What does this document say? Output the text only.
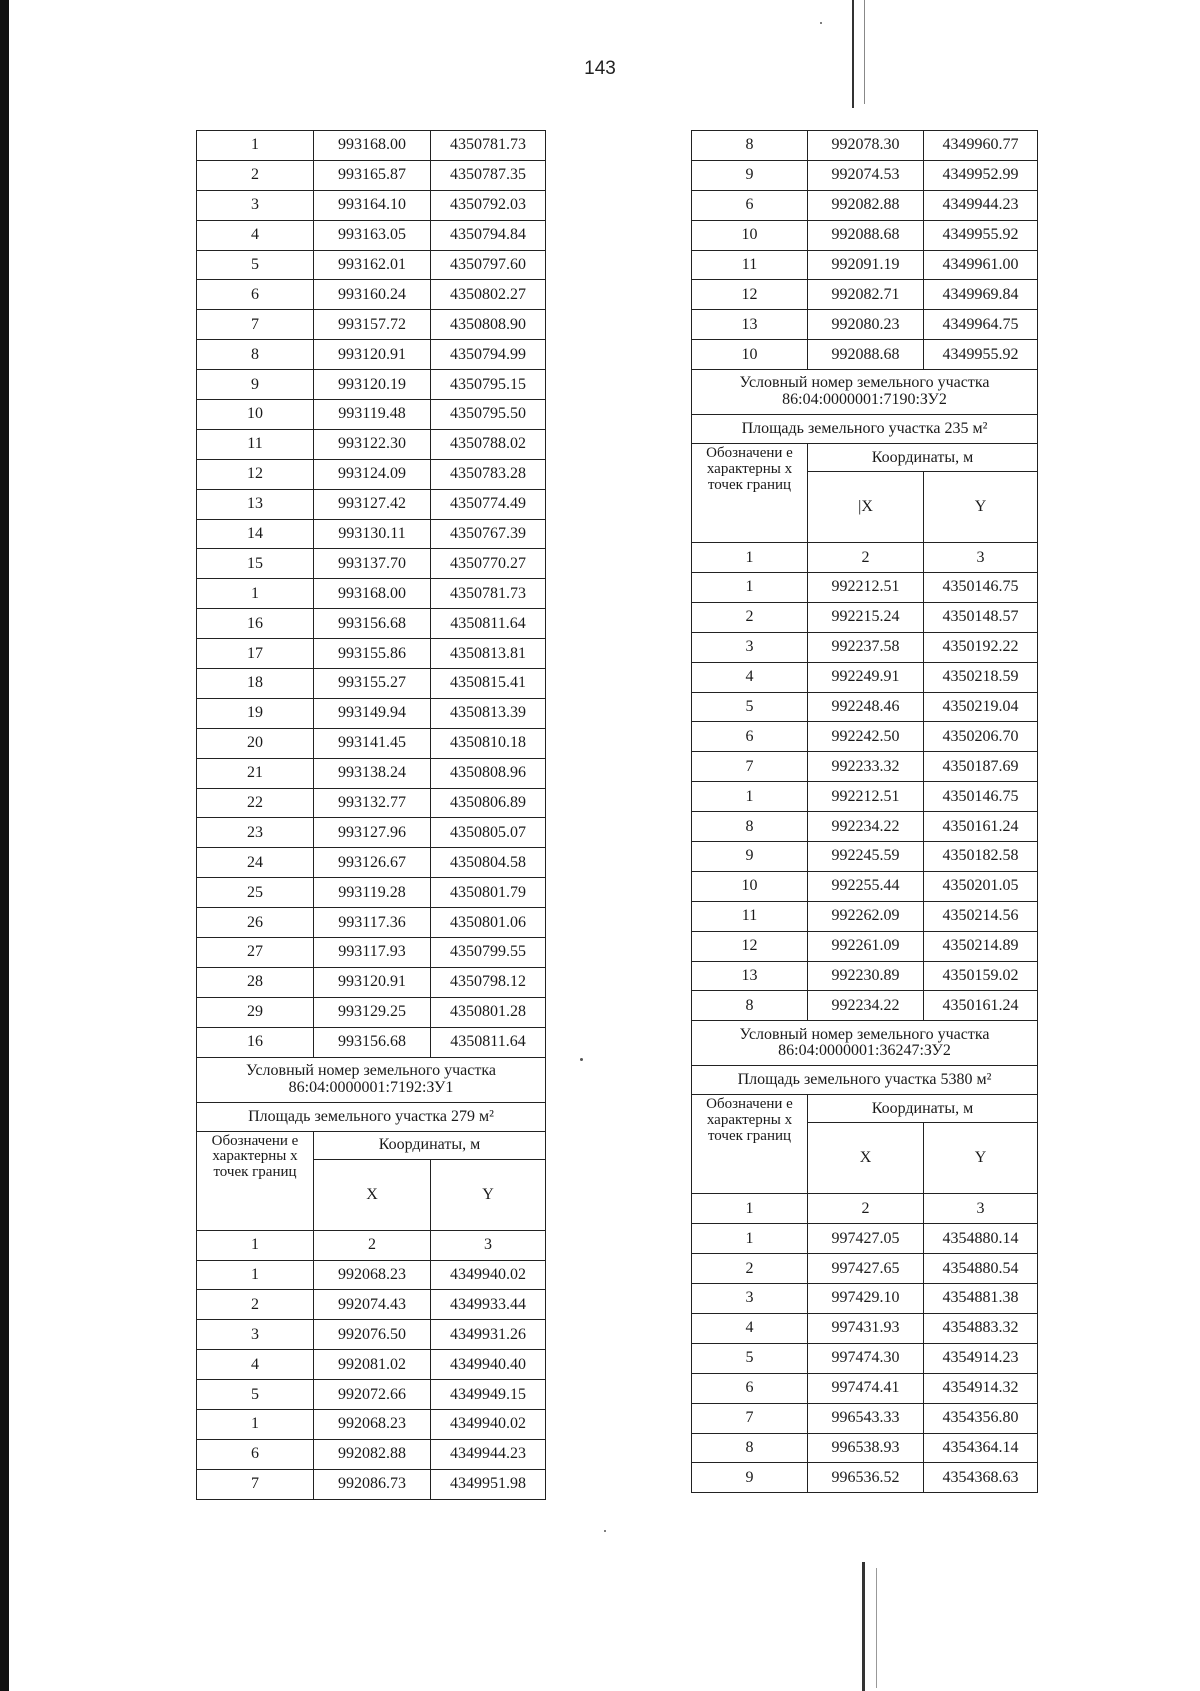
143
1	993168.00	4350781.73
2	993165.87	4350787.35
3	993164.10	4350792.03
4	993163.05	4350794.84
5	993162.01	4350797.60
6	993160.24	4350802.27
7	993157.72	4350808.90
8	993120.91	4350794.99
9	993120.19	4350795.15
10	993119.48	4350795.50
11	993122.30	4350788.02
12	993124.09	4350783.28
13	993127.42	4350774.49
14	993130.11	4350767.39
15	993137.70	4350770.27
1	993168.00	4350781.73
16	993156.68	4350811.64
17	993155.86	4350813.81
18	993155.27	4350815.41
19	993149.94	4350813.39
20	993141.45	4350810.18
21	993138.24	4350808.96
22	993132.77	4350806.89
23	993127.96	4350805.07
24	993126.67	4350804.58
25	993119.28	4350801.79
26	993117.36	4350801.06
27	993117.93	4350799.55
28	993120.91	4350798.12
29	993129.25	4350801.28
16	993156.68	4350811.64
Условный номер земельного участка 86:04:0000001:7192:ЗУ1		
Площадь земельного участка 279 м²		
Обозначени е характерны х точек границ	Координаты, м	
	X	Y
1	2	3
1	992068.23	4349940.02
2	992074.43	4349933.44
3	992076.50	4349931.26
4	992081.02	4349940.40
5	992072.66	4349949.15
1	992068.23	4349940.02
6	992082.88	4349944.23
7	992086.73	4349951.98
8	992078.30	4349960.77
9	992074.53	4349952.99
6	992082.88	4349944.23
10	992088.68	4349955.92
11	992091.19	4349961.00
12	992082.71	4349969.84
13	992080.23	4349964.75
10	992088.68	4349955.92
Условный номер земельного участка 86:04:0000001:7190:ЗУ2		
Площадь земельного участка 235 м²		
Обозначени е характерны х точек границ	Координаты, м	
	|X	Y
1	2	3
1	992212.51	4350146.75
2	992215.24	4350148.57
3	992237.58	4350192.22
4	992249.91	4350218.59
5	992248.46	4350219.04
6	992242.50	4350206.70
7	992233.32	4350187.69
1	992212.51	4350146.75
8	992234.22	4350161.24
9	992245.59	4350182.58
10	992255.44	4350201.05
11	992262.09	4350214.56
12	992261.09	4350214.89
13	992230.89	4350159.02
8	992234.22	4350161.24
Условный номер земельного участка 86:04:0000001:36247:ЗУ2		
Площадь земельного участка 5380 м²		
Обозначени е характерны х точек границ	Координаты, м	
	X	Y
1	2	3
1	997427.05	4354880.14
2	997427.65	4354880.54
3	997429.10	4354881.38
4	997431.93	4354883.32
5	997474.30	4354914.23
6	997474.41	4354914.32
7	996543.33	4354356.80
8	996538.93	4354364.14
9	996536.52	4354368.63
